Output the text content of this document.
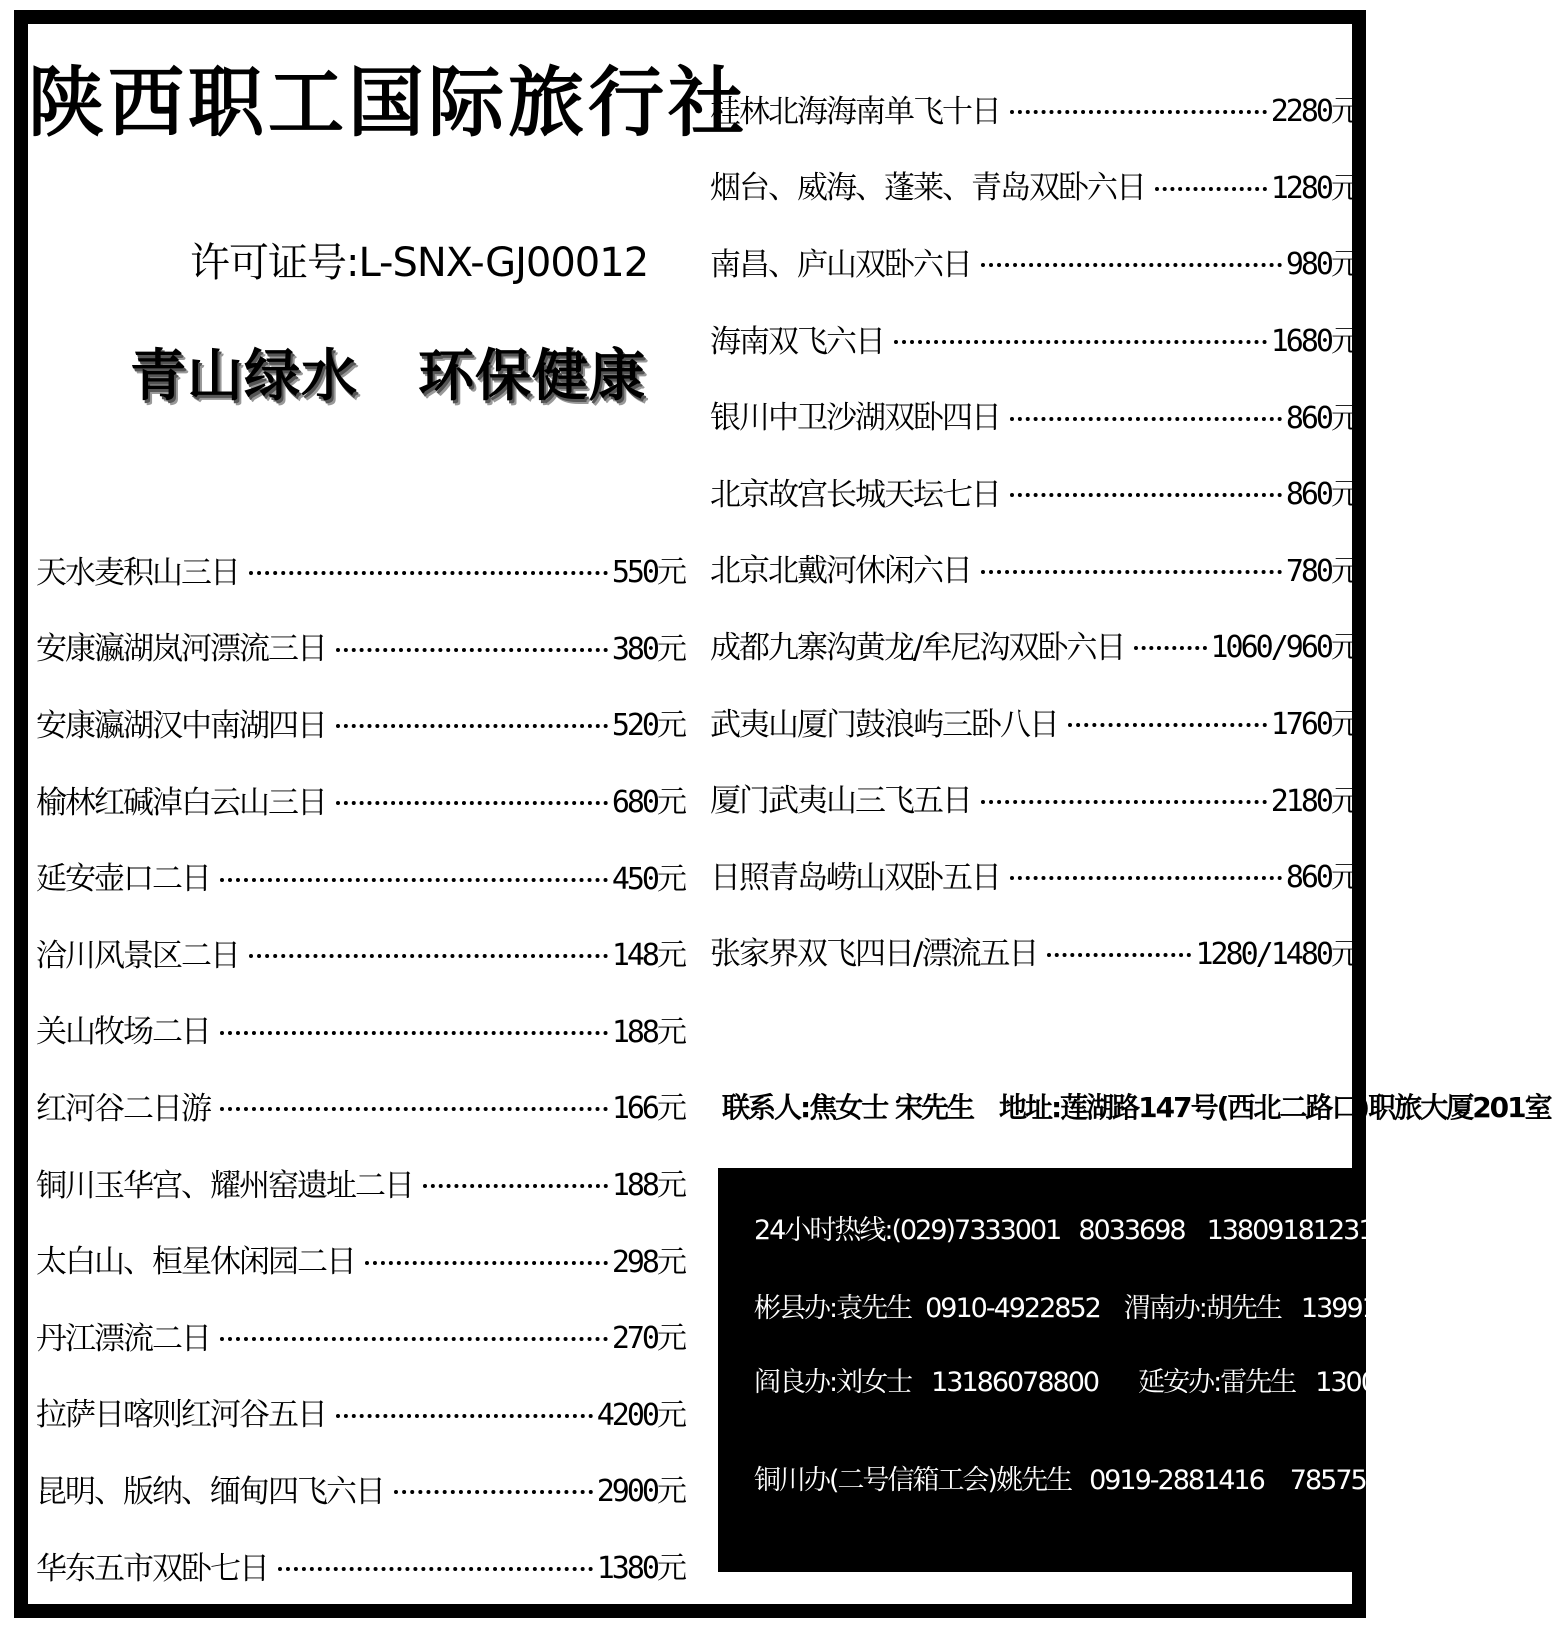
陕西职工国际旅行社
许可证号:L-SNX-GJ00012
青山绿水 环保健康
天水麦积山三日	550元
安康瀛湖岚河漂流三日	380元
安康瀛湖汉中南湖四日	520元
榆林红碱淖白云山三日	680元
延安壶口二日	450元
洽川风景区二日	148元
关山牧场二日	188元
红河谷二日游	166元
铜川玉华宫、耀州窑遗址二日	188元
太白山、桓星休闲园二日	298元
丹江漂流二日	270元
拉萨日喀则红河谷五日	4200元
昆明、版纳、缅甸四飞六日	2900元
华东五市双卧七日	1380元
桂林北海海南单飞十日	2280元
烟台、威海、蓬莱、青岛双卧六日	1280元
南昌、庐山双卧六日	980元
海南双飞六日	1680元
银川中卫沙湖双卧四日	860元
北京故宫长城天坛七日	860元
北京北戴河休闲六日	780元
成都九寨沟黄龙/牟尼沟双卧六日	1060/960元
武夷山厦门鼓浪屿三卧八日	1760元
厦门武夷山三飞五日	2180元
日照青岛崂山双卧五日	860元
张家界双飞四日/漂流五日	1280/1480元
联系人:焦女士 宋先生 地址:莲湖路147号(西北二路口)职旅大厦201室
24小时热线:(029)7333001 8033698 13809181231 13060392390
彬县办:袁先生 0910-4922852 渭南办:胡先生 13991662776
阎良办:刘女士 13186078800 延安办:雷先生 13008585945
铜川办(二号信箱工会)姚先生 0919-2881416 7857596
